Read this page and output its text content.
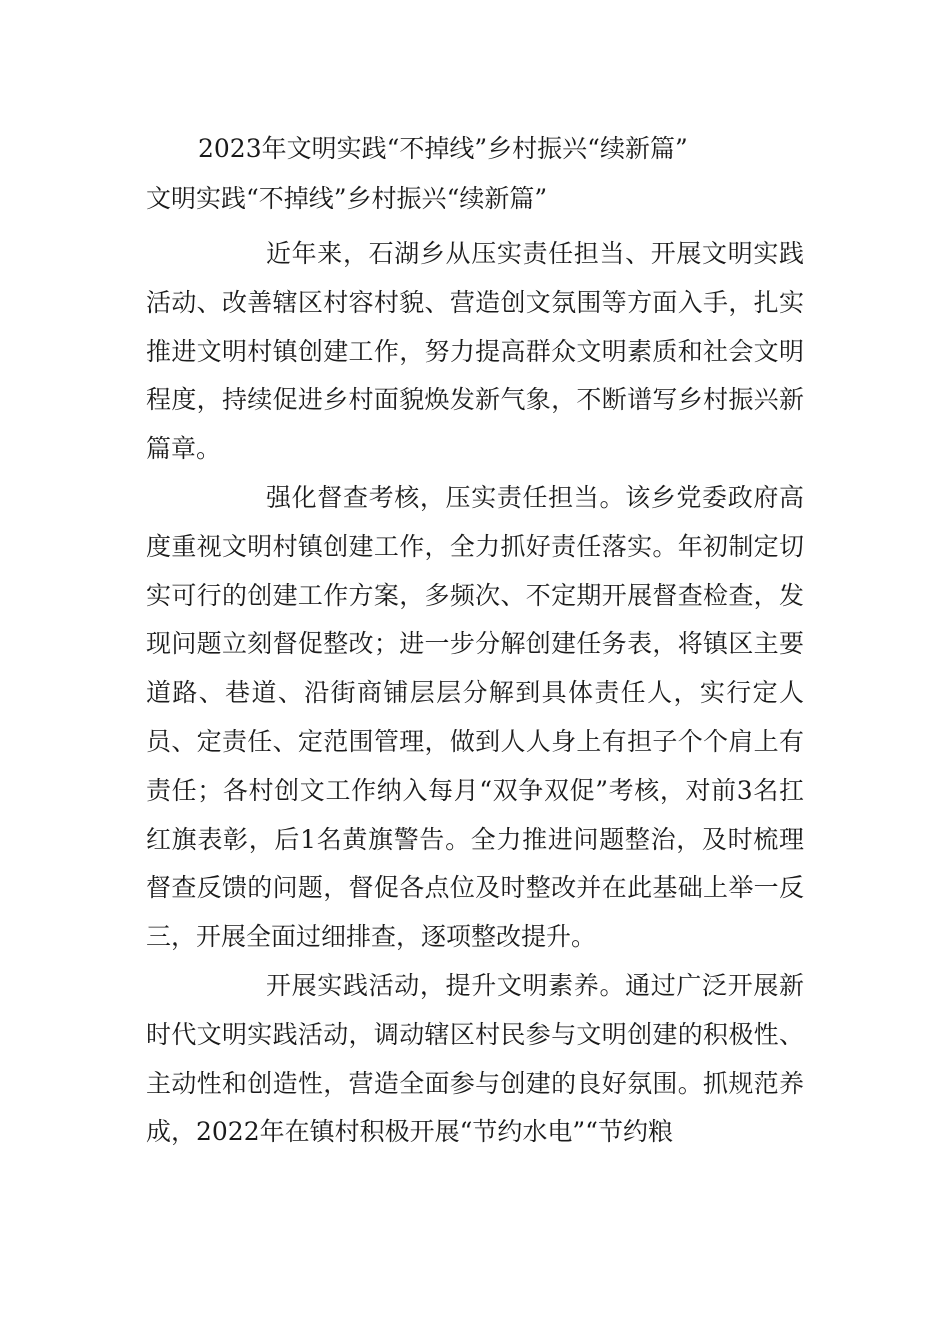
2023年文明实践“不掉线”乡村振兴“续新篇”
文明实践“不掉线”乡村振兴“续新篇”

近年来，石湖乡从压实责任担当、开展文明实践活动、改善辖区村容村貌、营造创文氛围等方面入手，扎实推进文明村镇创建工作，努力提高群众文明素质和社会文明程度，持续促进乡村面貌焕发新气象，不断谱写乡村振兴新篇章。

强化督查考核，压实责任担当。该乡党委政府高度重视文明村镇创建工作，全力抓好责任落实。年初制定切实可行的创建工作方案，多频次、不定期开展督查检查，发现问题立刻督促整改；进一步分解创建任务表，将镇区主要道路、巷道、沿街商铺层层分解到具体责任人，实行定人员、定责任、定范围管理，做到人人身上有担子个个肩上有责任；各村创文工作纳入每月“双争双促”考核，对前3名扛红旗表彰，后1名黄旗警告。全力推进问题整治，及时梳理督查反馈的问题，督促各点位及时整改并在此基础上举一反三，开展全面过细排查，逐项整改提升。

开展实践活动，提升文明素养。通过广泛开展新时代文明实践活动，调动辖区村民参与文明创建的积极性、主动性和创造性，营造全面参与创建的良好氛围。抓规范养成，2022年在镇村积极开展“节约水电”“节约粮
